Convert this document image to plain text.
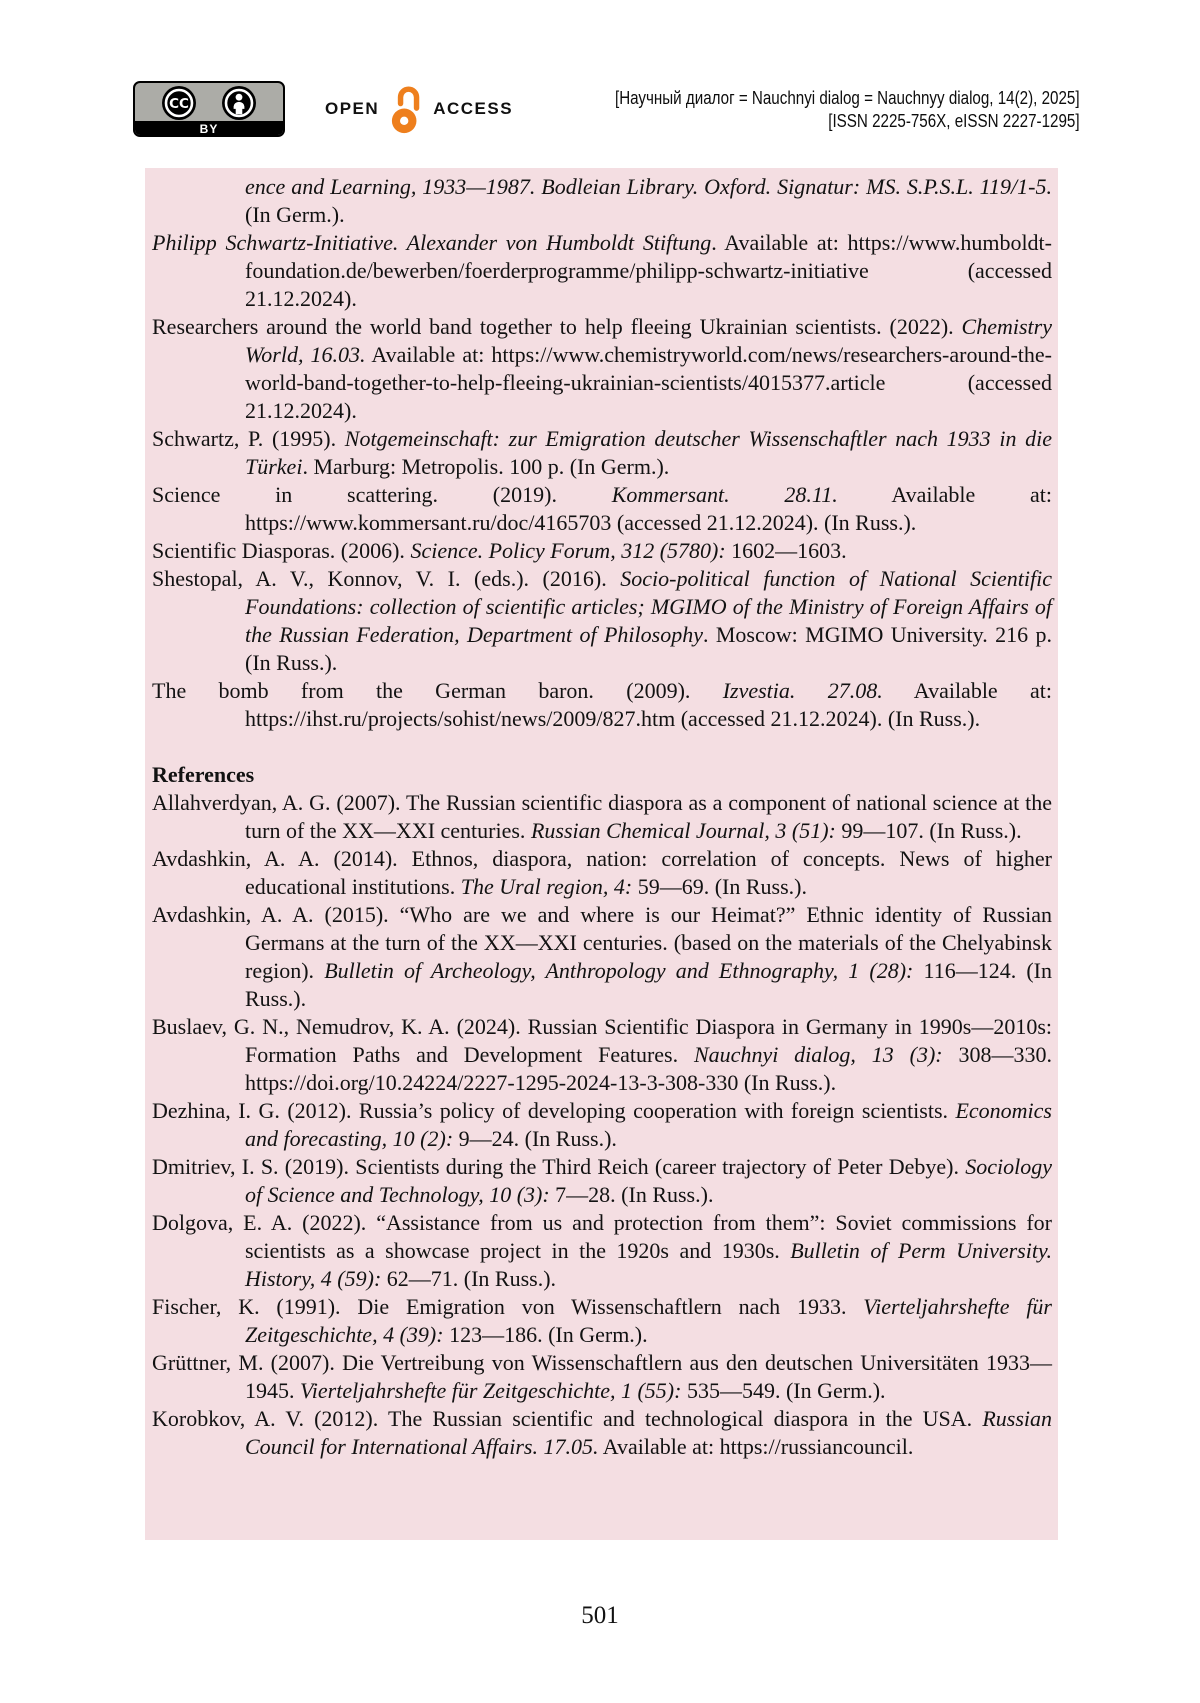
CC
BY
OPEN	ACCESS
[Научный диалог = Nauchnyi dialog = Nauchnyy dialog, 14(2), 2025]
[ISSN 2225-756X, eISSN 2227-1295]

ence and Learning, 1933—1987. Bodleian Library. Oxford. Signatur: MS. S.P.S.L. 119/1-5. (In Germ.).

Philipp Schwartz-Initiative. Alexander von Humboldt Stiftung. Available at: https://www.humboldt-foundation.de/bewerben/foerderprogramme/philipp-schwartz-initiative (accessed 21.12.2024).

Researchers around the world band together to help fleeing Ukrainian scientists. (2022). Chemistry World, 16.03. Available at: https://www.chemistryworld.com/news/researchers-around-the-world-band-together-to-help-fleeing-ukrainian-scientists/4015377.article (accessed 21.12.2024).

Schwartz, P. (1995). Notgemeinschaft: zur Emigration deutscher Wissenschaftler nach 1933 in die Türkei. Marburg: Metropolis. 100 p. (In Germ.).

Science in scattering. (2019). Kommersant. 28.11. Available at: https://www.kommersant.ru/doc/4165703 (accessed 21.12.2024). (In Russ.).

Scientific Diasporas. (2006). Science. Policy Forum, 312 (5780): 1602—1603.

Shestopal, A. V., Konnov, V. I. (eds.). (2016). Socio-political function of National Scientific Foundations: collection of scientific articles; MGIMO of the Ministry of Foreign Affairs of the Russian Federation, Department of Philosophy. Moscow: MGIMO University. 216 p. (In Russ.).

The bomb from the German baron. (2009). Izvestia. 27.08. Available at: https://ihst.ru/projects/sohist/news/2009/827.htm (accessed 21.12.2024). (In Russ.).

References

Allahverdyan, A. G. (2007). The Russian scientific diaspora as a component of national science at the turn of the XX—XXI centuries. Russian Chemical Journal, 3 (51): 99—107. (In Russ.).

Avdashkin, A. A. (2014). Ethnos, diaspora, nation: correlation of concepts. News of higher educational institutions. The Ural region, 4: 59—69. (In Russ.).

Avdashkin, A. A. (2015). “Who are we and where is our Heimat?” Ethnic identity of Russian Germans at the turn of the XX—XXI centuries. (based on the materials of the Chelyabinsk region). Bulletin of Archeology, Anthropology and Ethnography, 1 (28): 116—124. (In Russ.).

Buslaev, G. N., Nemudrov, K. A. (2024). Russian Scientific Diaspora in Germany in 1990s—2010s: Formation Paths and Development Features. Nauchnyi dialog, 13 (3): 308—330. https://doi.org/10.24224/2227-1295-2024-13-3-308-330 (In Russ.).

Dezhina, I. G. (2012). Russia’s policy of developing cooperation with foreign scientists. Economics and forecasting, 10 (2): 9—24. (In Russ.).

Dmitriev, I. S. (2019). Scientists during the Third Reich (career trajectory of Peter Debye). Sociology of Science and Technology, 10 (3): 7—28. (In Russ.).

Dolgova, E. A. (2022). “Assistance from us and protection from them”: Soviet commissions for scientists as a showcase project in the 1920s and 1930s. Bulletin of Perm University. History, 4 (59): 62—71. (In Russ.).

Fischer, K. (1991). Die Emigration von Wissenschaftlern nach 1933. Vierteljahrshefte für Zeitgeschichte, 4 (39): 123—186. (In Germ.).

Grüttner, M. (2007). Die Vertreibung von Wissenschaftlern aus den deutschen Universitäten 1933—1945. Vierteljahrshefte für Zeitgeschichte, 1 (55): 535—549. (In Germ.).

Korobkov, A. V. (2012). The Russian scientific and technological diaspora in the USA. Russian Council for International Affairs. 17.05. Available at: https://russiancouncil.

501
